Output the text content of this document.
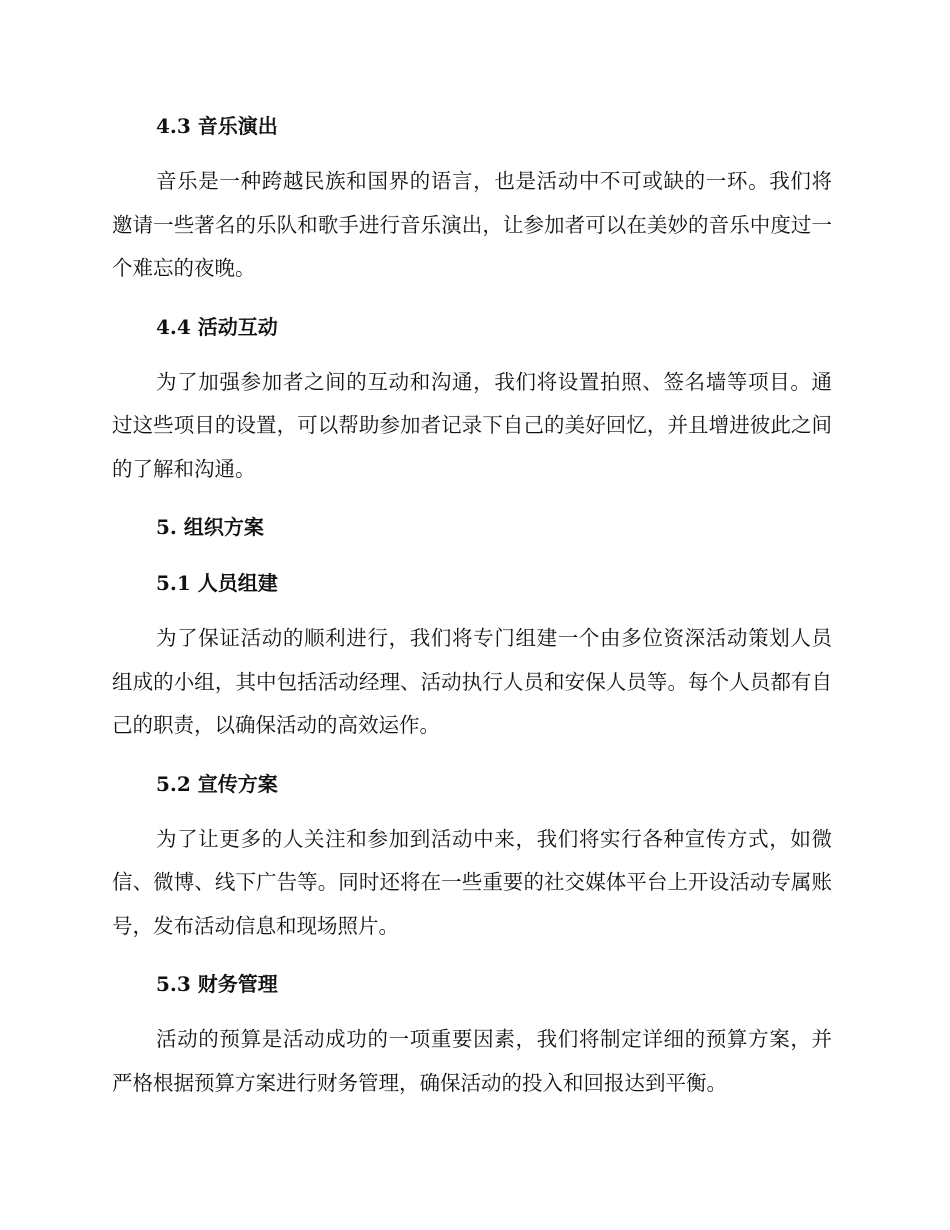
4.3 音乐演出

音乐是一种跨越民族和国界的语言，也是活动中不可或缺的一环。我们将邀请一些著名的乐队和歌手进行音乐演出，让参加者可以在美妙的音乐中度过一个难忘的夜晚。

4.4 活动互动

为了加强参加者之间的互动和沟通，我们将设置拍照、签名墙等项目。通过这些项目的设置，可以帮助参加者记录下自己的美好回忆，并且增进彼此之间的了解和沟通。

5. 组织方案
5.1 人员组建

为了保证活动的顺利进行，我们将专门组建一个由多位资深活动策划人员组成的小组，其中包括活动经理、活动执行人员和安保人员等。每个人员都有自己的职责，以确保活动的高效运作。

5.2 宣传方案

为了让更多的人关注和参加到活动中来，我们将实行各种宣传方式，如微信、微博、线下广告等。同时还将在一些重要的社交媒体平台上开设活动专属账号，发布活动信息和现场照片。

5.3 财务管理

活动的预算是活动成功的一项重要因素，我们将制定详细的预算方案，并严格根据预算方案进行财务管理，确保活动的投入和回报达到平衡。
